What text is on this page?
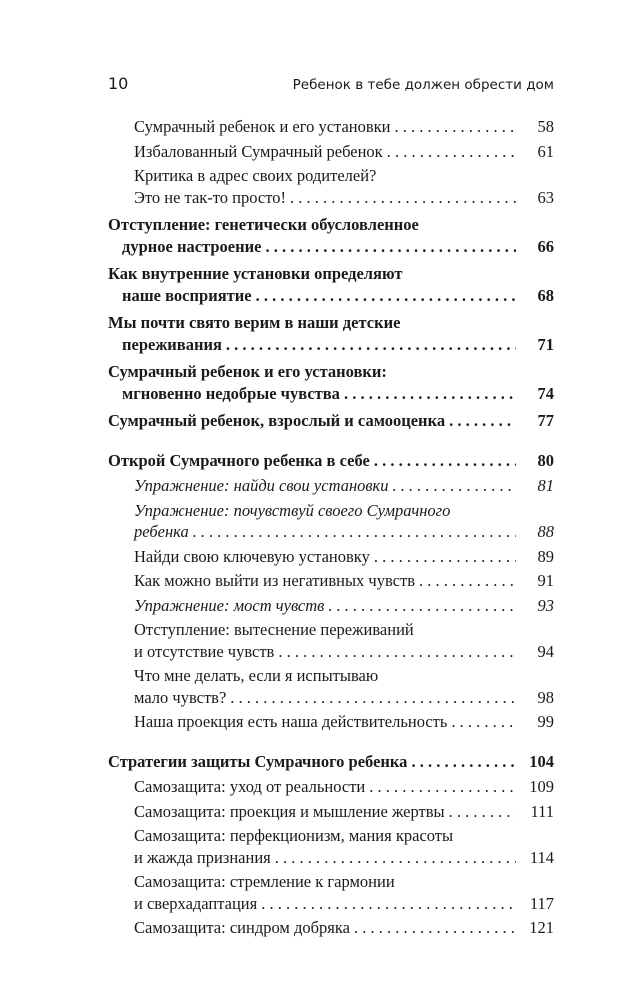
10	Ребенок в тебе должен обрести дом
Сумрачный ребенок и его установки . . .	58
Избалованный Сумрачный ребенок . . .	61
Критика в адрес своих родителей?
Это не так-то просто! . . .	63
Отступление: генетически обусловленное
дурное настроение . . .	66
Как внутренние установки определяют
наше восприятие . . .	68
Мы почти свято верим в наши детские
переживания . . .	71
Сумрачный ребенок и его установки:
мгновенно недобрые чувства . . .	74
Сумрачный ребенок, взрослый и самооценка . . .	77
Открой Сумрачного ребенка в себе . . .	80
Упражнение: найди свои установки . . .	81
Упражнение: почувствуй своего Сумрачного
ребенка . . .	88
Найди свою ключевую установку . . .	89
Как можно выйти из негативных чувств . . .	91
Упражнение: мост чувств . . .	93
Отступление: вытеснение переживаний
и отсутствие чувств . . .	94
Что мне делать, если я испытываю
мало чувств? . . .	98
Наша проекция есть наша действительность . . .	99
Стратегии защиты Сумрачного ребенка . . .	104
Самозащита: уход от реальности . . .	109
Самозащита: проекция и мышление жертвы . . .	111
Самозащита: перфекционизм, мания красоты
и жажда признания . . .	114
Самозащита: стремление к гармонии
и сверхадаптация . . .	117
Самозащита: синдром добряка . . .	121
